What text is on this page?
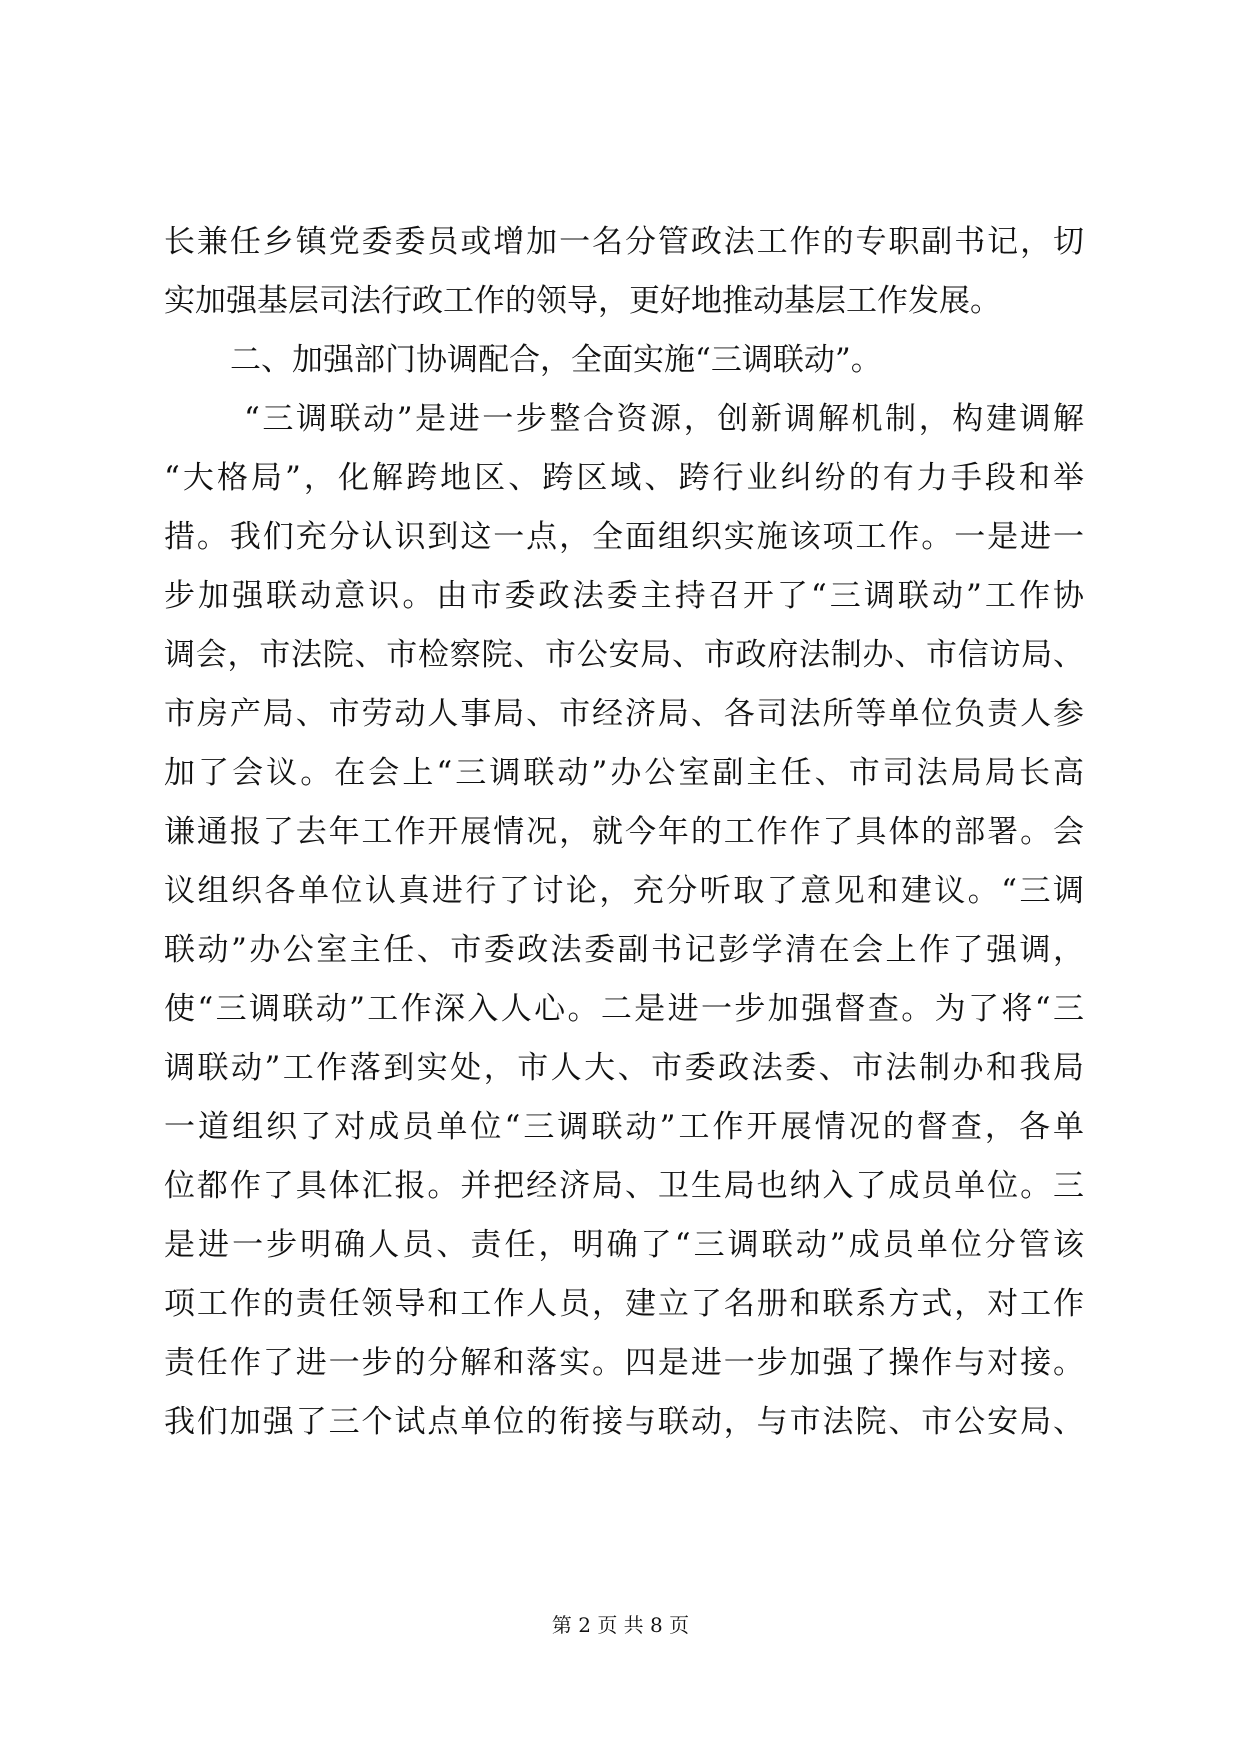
长兼任乡镇党委委员或增加一名分管政法工作的专职副书记，切
实加强基层司法行政工作的领导，更好地推动基层工作发展。
二、加强部门协调配合，全面实施“三调联动”。
“三调联动”是进一步整合资源，创新调解机制，构建调解
“大格局”，化解跨地区、跨区域、跨行业纠纷的有力手段和举
措。我们充分认识到这一点，全面组织实施该项工作。一是进一
步加强联动意识。由市委政法委主持召开了“三调联动”工作协
调会，市法院、市检察院、市公安局、市政府法制办、市信访局、
市房产局、市劳动人事局、市经济局、各司法所等单位负责人参
加了会议。在会上“三调联动”办公室副主任、市司法局局长高
谦通报了去年工作开展情况，就今年的工作作了具体的部署。会
议组织各单位认真进行了讨论，充分听取了意见和建议。“三调
联动”办公室主任、市委政法委副书记彭学清在会上作了强调，
使“三调联动”工作深入人心。二是进一步加强督查。为了将“三
调联动”工作落到实处，市人大、市委政法委、市法制办和我局
一道组织了对成员单位“三调联动”工作开展情况的督查，各单
位都作了具体汇报。并把经济局、卫生局也纳入了成员单位。三
是进一步明确人员、责任，明确了“三调联动”成员单位分管该
项工作的责任领导和工作人员，建立了名册和联系方式，对工作
责任作了进一步的分解和落实。四是进一步加强了操作与对接。
我们加强了三个试点单位的衔接与联动，与市法院、市公安局、
第 2 页 共 8 页
